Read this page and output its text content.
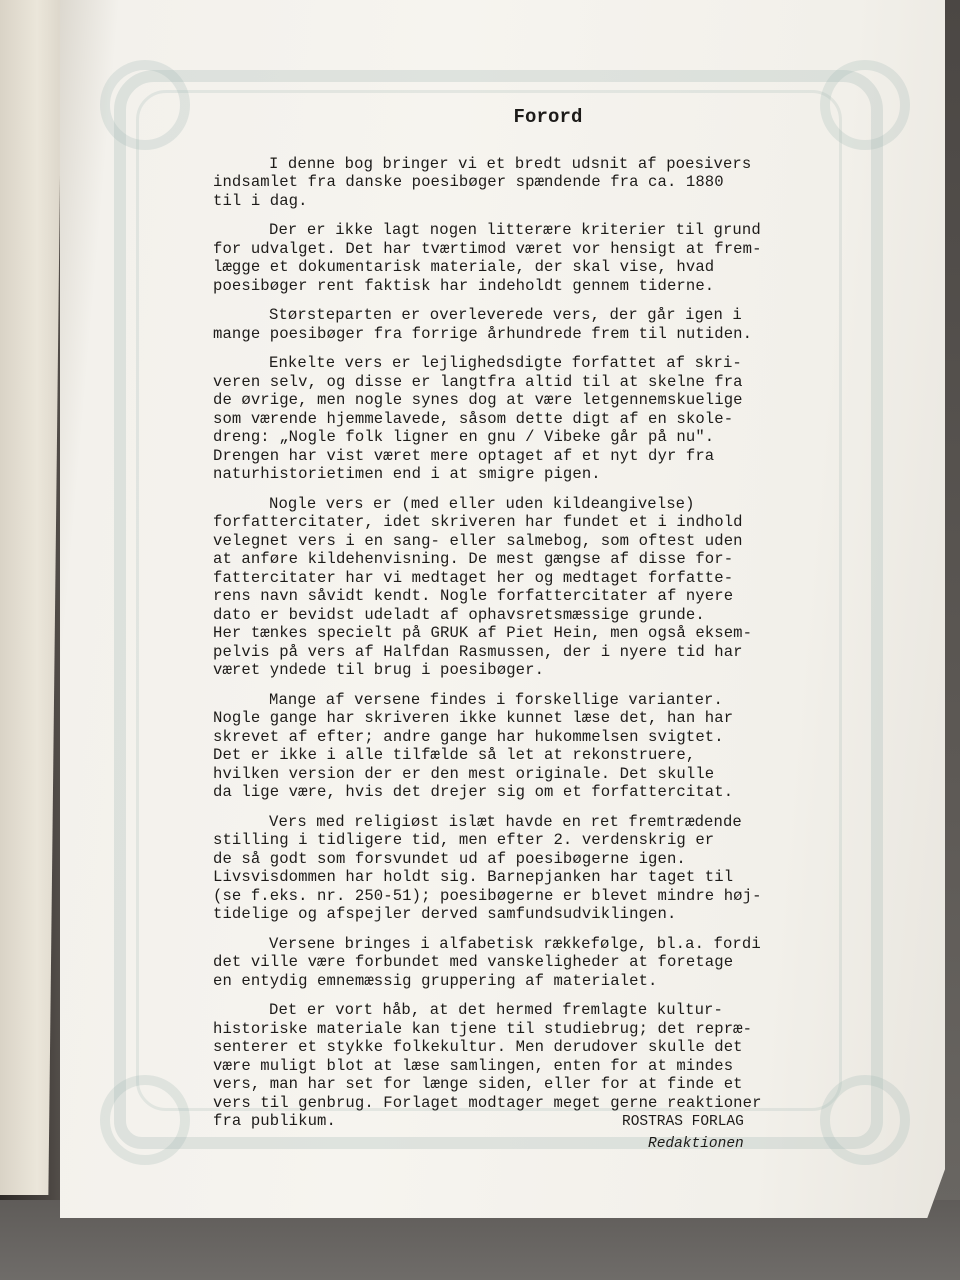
Forord
I denne bog bringer vi et bredt udsnit af poesivers
indsamlet fra danske poesibøger spændende fra ca. 1880
til i dag.
Der er ikke lagt nogen litterære kriterier til grund
for udvalget. Det har tværtimod været vor hensigt at frem-
lægge et dokumentarisk materiale, der skal vise, hvad
poesibøger rent faktisk har indeholdt gennem tiderne.
Størsteparten er overleverede vers, der går igen i
mange poesibøger fra forrige århundrede frem til nutiden.
Enkelte vers er lejlighedsdigte forfattet af skri-
veren selv, og disse er langtfra altid til at skelne fra
de øvrige, men nogle synes dog at være letgennemskuelige
som værende hjemmelavede, såsom dette digt af en skole-
dreng: „Nogle folk ligner en gnu / Vibeke går på nu".
Drengen har vist været mere optaget af et nyt dyr fra
naturhistorietimen end i at smigre pigen.
Nogle vers er (med eller uden kildeangivelse)
forfattercitater, idet skriveren har fundet et i indhold
velegnet vers i en sang- eller salmebog, som oftest uden
at anføre kildehenvisning. De mest gængse af disse for-
fattercitater har vi medtaget her og medtaget forfatte-
rens navn såvidt kendt. Nogle forfattercitater af nyere
dato er bevidst udeladt af ophavsretsmæssige grunde.
Her tænkes specielt på GRUK af Piet Hein, men også eksem-
pelvis på vers af Halfdan Rasmussen, der i nyere tid har
været yndede til brug i poesibøger.
Mange af versene findes i forskellige varianter.
Nogle gange har skriveren ikke kunnet læse det, han har
skrevet af efter; andre gange har hukommelsen svigtet.
Det er ikke i alle tilfælde så let at rekonstruere,
hvilken version der er den mest originale. Det skulle
da lige være, hvis det drejer sig om et forfattercitat.
Vers med religiøst islæt havde en ret fremtrædende
stilling i tidligere tid, men efter 2. verdenskrig er
de så godt som forsvundet ud af poesibøgerne igen.
Livsvisdommen har holdt sig. Barnepjanken har taget til
(se f.eks. nr. 250-51); poesibøgerne er blevet mindre høj-
tidelige og afspejler derved samfundsudviklingen.
Versene bringes i alfabetisk rækkefølge, bl.a. fordi
det ville være forbundet med vanskeligheder at foretage
en entydig emnemæssig gruppering af materialet.
Det er vort håb, at det hermed fremlagte kultur-
historiske materiale kan tjene til studiebrug; det repræ-
senterer et stykke folkekultur. Men derudover skulle det
være muligt blot at læse samlingen, enten for at mindes
vers, man har set for længe siden, eller for at finde et
vers til genbrug. Forlaget modtager meget gerne reaktioner
fra publikum.	ROSTRAS FORLAG
Redaktionen
